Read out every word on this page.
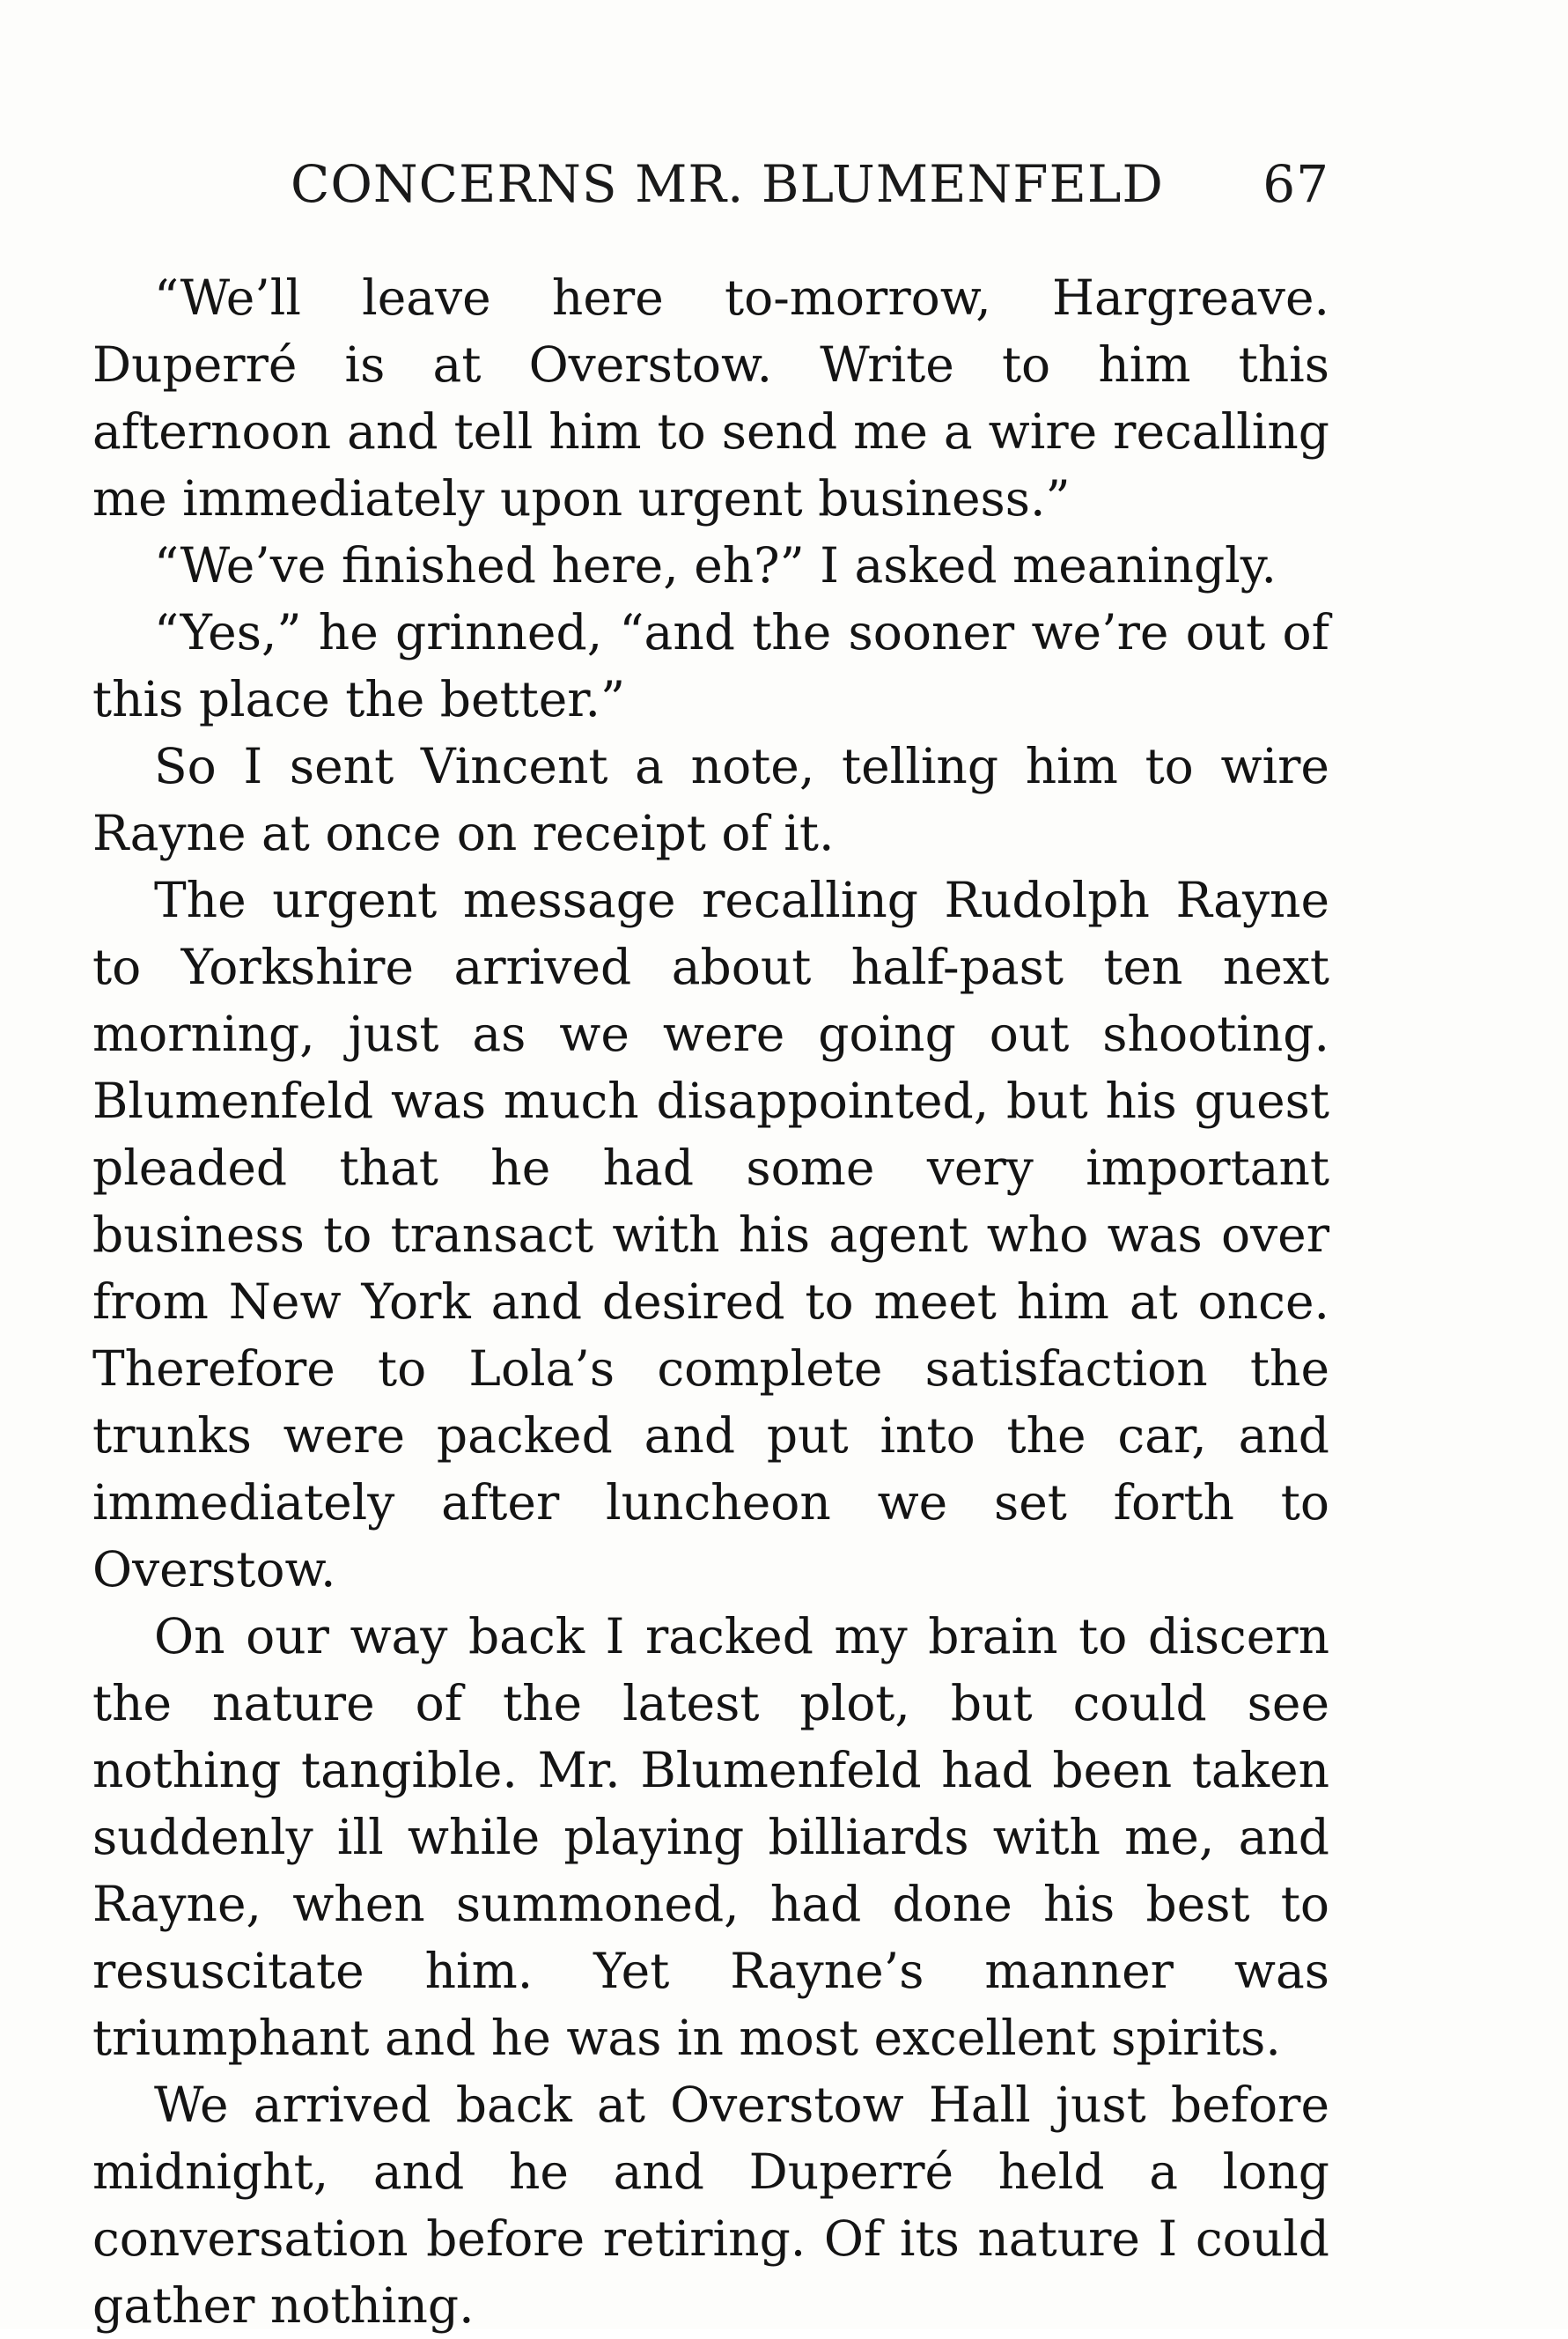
CONCERNS MR. BLUMENFELD 67

“We’ll leave here to-morrow, Hargreave. Duperré is at Overstow. Write to him this afternoon and tell him to send me a wire recalling me immediately upon urgent business.”

“We’ve finished here, eh?” I asked meaningly.

“Yes,” he grinned, “and the sooner we’re out of this place the better.”

So I sent Vincent a note, telling him to wire Rayne at once on receipt of it.

The urgent message recalling Rudolph Rayne to Yorkshire arrived about half-past ten next morning, just as we were going out shooting. Blumenfeld was much disappointed, but his guest pleaded that he had some very important business to transact with his agent who was over from New York and desired to meet him at once. Therefore to Lola’s complete satisfaction the trunks were packed and put into the car, and immediately after luncheon we set forth to Overstow.

On our way back I racked my brain to discern the nature of the latest plot, but could see nothing tangible. Mr. Blumenfeld had been taken suddenly ill while playing billiards with me, and Rayne, when summoned, had done his best to resuscitate him. Yet Rayne’s manner was triumphant and he was in most excellent spirits.

We arrived back at Overstow Hall just before midnight, and he and Duperré held a long conversation before retiring. Of its nature I could gather nothing.
